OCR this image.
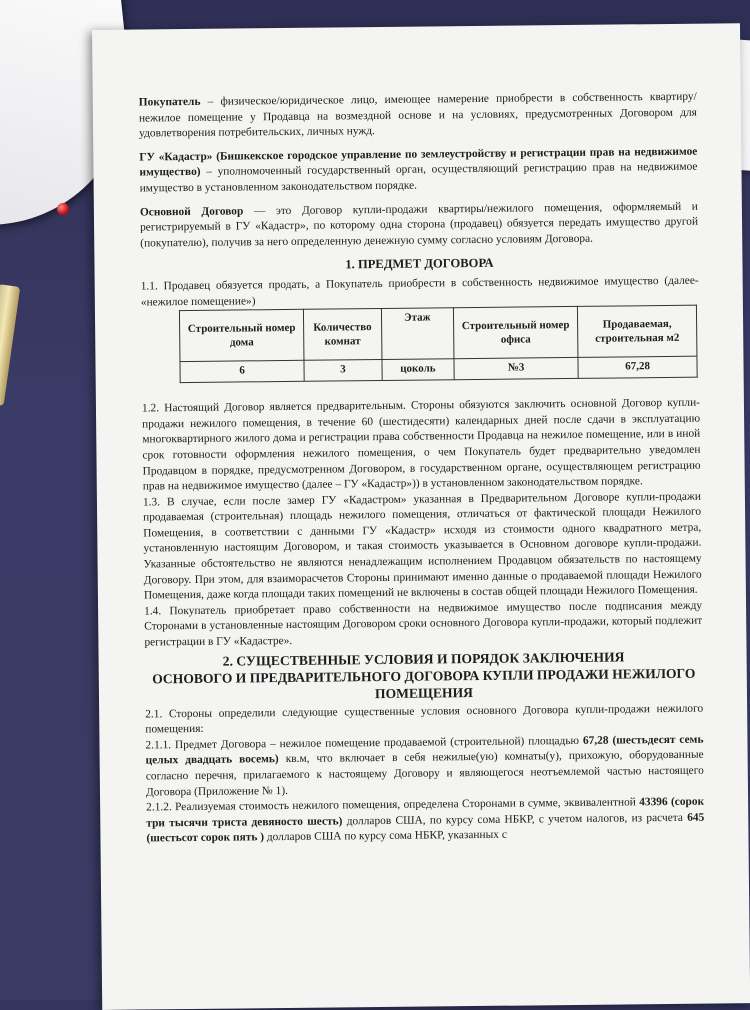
Покупатель – физическое/юридическое лицо, имеющее намерение приобрести в собственность квартиру/нежилое помещение у Продавца на возмездной основе и на условиях, предусмотренных Договором для удовлетворения потребительских, личных нужд.

ГУ «Кадастр» (Бишкекское городское управление по землеустройству и регистрации прав на недвижимое имущество) – уполномоченный государственный орган, осуществляющий регистрацию прав на недвижимое имущество в установленном законодательством порядке.

Основной Договор — это Договор купли-продажи квартиры/нежилого помещения, оформляемый и регистрируемый в ГУ «Кадастр», по которому одна сторона (продавец) обязуется передать имущество другой (покупателю), получив за него определенную денежную сумму согласно условиям Договора.

1. ПРЕДМЕТ ДОГОВОРА

1.1. Продавец обязуется продать, а Покупатель приобрести в собственность недвижимое имущество (далее- «нежилое помещение»)

Строительный номер дома	Количество комнат	Этаж	Строительный номер офиса	Продаваемая, строительная м2
6	3	цоколь	№3	67,28

1.2. Настоящий Договор является предварительным. Стороны обязуются заключить основной Договор купли-продажи нежилого помещения, в течение 60 (шестидесяти) календарных дней после сдачи в эксплуатацию многоквартирного жилого дома и регистрации права собственности Продавца на нежилое помещение, или в иной срок готовности оформления нежилого помещения, о чем Покупатель будет предварительно уведомлен Продавцом в порядке, предусмотренном Договором, в государственном органе, осуществляющем регистрацию прав на недвижимое имущество (далее – ГУ «Кадастр»)) в установленном законодательством порядке.

1.3. В случае, если после замер ГУ «Кадастром» указанная в Предварительном Договоре купли-продажи продаваемая (строительная) площадь нежилого помещения, отличаться от фактической площади Нежилого Помещения, в соответствии с данными ГУ «Кадастр» исходя из стоимости одного квадратного метра, установленную настоящим Договором, и такая стоимость указывается в Основном договоре купли-продажи. Указанные обстоятельство не являются ненадлежащим исполнением Продавцом обязательств по настоящему Договору. При этом, для взаиморасчетов Стороны принимают именно данные о продаваемой площади Нежилого Помещения, даже когда площади таких помещений не включены в состав общей площади Нежилого Помещения.

1.4. Покупатель приобретает право собственности на недвижимое имущество после подписания между Сторонами в установленные настоящим Договором сроки основного Договора купли-продажи, который подлежит регистрации в ГУ «Кадастре».

2. СУЩЕСТВЕННЫЕ УСЛОВИЯ И ПОРЯДОК ЗАКЛЮЧЕНИЯ
ОСНОВОГО И ПРЕДВАРИТЕЛЬНОГО ДОГОВОРА КУПЛИ ПРОДАЖИ НЕЖИЛОГО
ПОМЕЩЕНИЯ

2.1. Стороны определили следующие существенные условия основного Договора купли-продажи нежилого помещения:

2.1.1. Предмет Договора – нежилое помещение продаваемой (строительной) площадью 67,28 (шестьдесят семь целых двадцать восемь) кв.м, что включает в себя нежилые(ую) комнаты(у), прихожую, оборудованные согласно перечня, прилагаемого к настоящему Договору и являющегося неотъемлемой частью настоящего Договора (Приложение № 1).

2.1.2. Реализуемая стоимость нежилого помещения, определена Сторонами в сумме, эквивалентной 43396 (сорок три тысячи триста девяносто шесть) долларов США, по курсу сома НБКР, с учетом налогов, из расчета 645 (шестьсот сорок пять ) долларов США по курсу сома НБКР, указанных с
